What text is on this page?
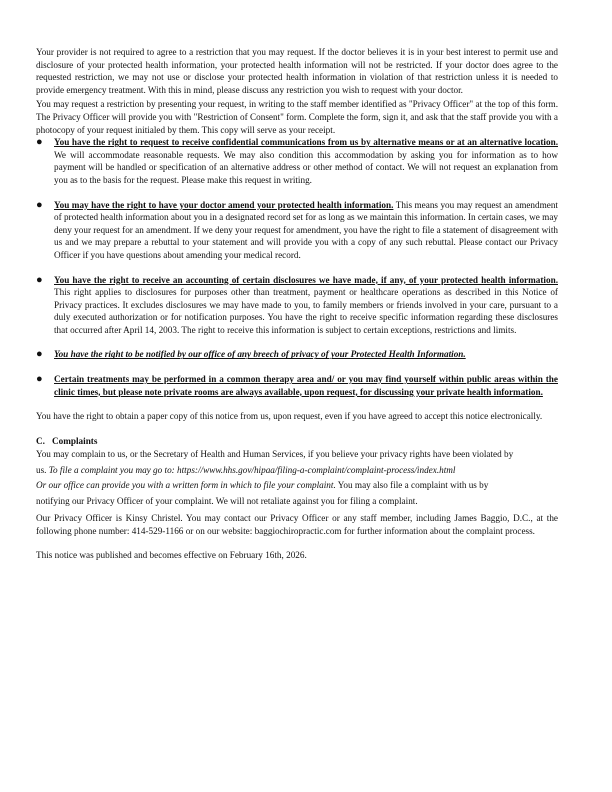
Your provider is not required to agree to a restriction that you may request. If the doctor believes it is in your best interest to permit use and disclosure of your protected health information, your protected health information will not be restricted. If your doctor does agree to the requested restriction, we may not use or disclose your protected health information in violation of that restriction unless it is needed to provide emergency treatment. With this in mind, please discuss any restriction you wish to request with your doctor.

You may request a restriction by presenting your request, in writing to the staff member identified as "Privacy Officer" at the top of this form. The Privacy Officer will provide you with "Restriction of Consent" form. Complete the form, sign it, and ask that the staff provide you with a photocopy of your request initialed by them. This copy will serve as your receipt.

● You have the right to request to receive confidential communications from us by alternative means or at an alternative location. We will accommodate reasonable requests. We may also condition this accommodation by asking you for information as to how payment will be handled or specification of an alternative address or other method of contact. We will not request an explanation from you as to the basis for the request. Please make this request in writing.
● You may have the right to have your doctor amend your protected health information. This means you may request an amendment of protected health information about you in a designated record set for as long as we maintain this information. In certain cases, we may deny your request for an amendment. If we deny your request for amendment, you have the right to file a statement of disagreement with us and we may prepare a rebuttal to your statement and will provide you with a copy of any such rebuttal. Please contact our Privacy Officer if you have questions about amending your medical record.
● You have the right to receive an accounting of certain disclosures we have made, if any, of your protected health information. This right applies to disclosures for purposes other than treatment, payment or healthcare operations as described in this Notice of Privacy practices. It excludes disclosures we may have made to you, to family members or friends involved in your care, pursuant to a duly executed authorization or for notification purposes. You have the right to receive specific information regarding these disclosures that occurred after April 14, 2003. The right to receive this information is subject to certain exceptions, restrictions and limits.
● You have the right to be notified by our office of any breech of privacy of your Protected Health Information.
● Certain treatments may be performed in a common therapy area and/ or you may find yourself within public areas within the clinic times, but please note private rooms are always available, upon request, for discussing your private health information.

You have the right to obtain a paper copy of this notice from us, upon request, even if you have agreed to accept this notice electronically.

C. Complaints

You may complain to us, or the Secretary of Health and Human Services, if you believe your privacy rights have been violated by

us. To file a complaint you may go to: https://www.hhs.gov/hipaa/filing-a-complaint/complaint-process/index.html

Or our office can provide you with a written form in which to file your complaint. You may also file a complaint with us by

notifying our Privacy Officer of your complaint. We will not retaliate against you for filing a complaint.

Our Privacy Officer is Kinsy Christel. You may contact our Privacy Officer or any staff member, including James Baggio, D.C., at the following phone number: 414-529-1166 or on our website: baggiochiropractic.com for further information about the complaint process.

This notice was published and becomes effective on February 16th, 2026.
